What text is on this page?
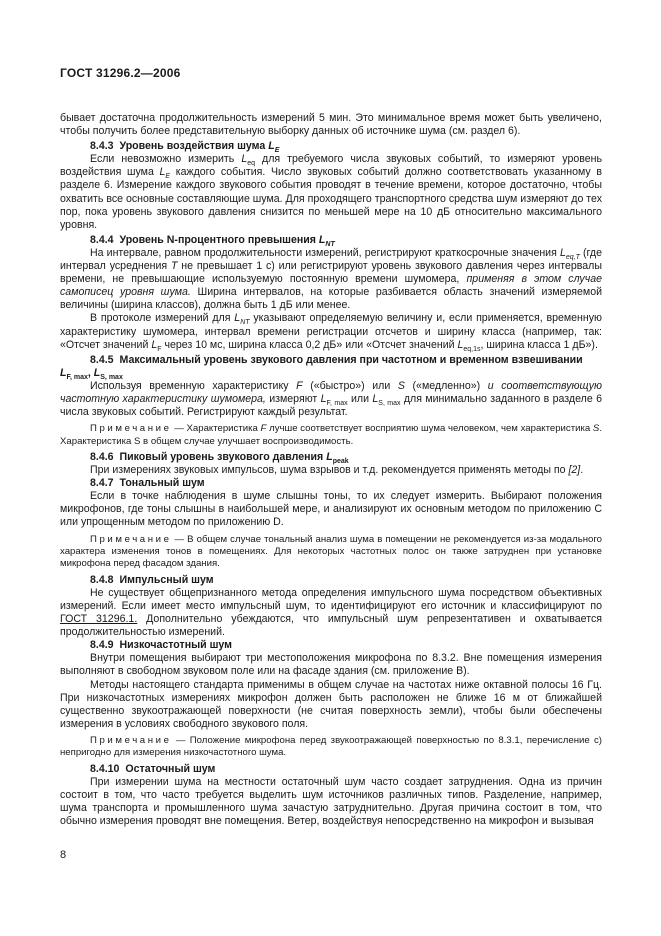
ГОСТ 31296.2—2006

бывает достаточна продолжительность измерений 5 мин. Это минимальное время может быть увеличено, чтобы получить более представительную выборку данных об источнике шума (см. раздел 6).

8.4.3 Уровень воздействия шума $L_E$

Если невозможно измерить $L_{eq}$ для требуемого числа звуковых событий, то измеряют уровень воздействия шума $L_E$ каждого события. Число звуковых событий должно соответствовать указанному в разделе 6. Измерение каждого звукового события проводят в течение времени, которое достаточно, чтобы охватить все основные составляющие шума. Для проходящего транспортного средства шум измеряют до тех пор, пока уровень звукового давления снизится по меньшей мере на 10 дБ относительно максимального уровня.

8.4.4 Уровень N-процентного превышения $L_{NT}$

На интервале, равном продолжительности измерений, регистрируют краткосрочные значения $L_{eq,T}$ (где интервал усреднения T не превышает 1 с) или регистрируют уровень звукового давления через интервалы времени, не превышающие используемую постоянную времени шумомера, применяя в этом случае самописец уровня шума. Ширина интервалов, на которые разбивается область значений измеряемой величины (ширина классов), должна быть 1 дБ или менее.

В протоколе измерений для $L_{NT}$ указывают определяемую величину и, если применяется, временную характеристику шумомера, интервал времени регистрации отсчетов и ширину класса (например, так: «Отсчет значений $L_F$ через 10 мс, ширина класса 0,2 дБ» или «Отсчет значений $L_{eq,1s}$, ширина класса 1 дБ»).

8.4.5 Максимальный уровень звукового давления при частотном и временном взвешивании
$L_{F, max}$, $L_{S, max}$

Используя временную характеристику F («быстро») или S («медленно») и соответствующую частотную характеристику шумомера, измеряют $L_{F, max}$ или $L_{S, max}$ для минимально заданного в разделе 6 числа звуковых событий. Регистрируют каждый результат.

Примечание — Характеристика F лучше соответствует восприятию шума человеком, чем характеристика S. Характеристика S в общем случае улучшает воспроизводимость.

8.4.6 Пиковый уровень звукового давления $L_{peak}$

При измерениях звуковых импульсов, шума взрывов и т.д. рекомендуется применять методы по [2].

8.4.7 Тональный шум

Если в точке наблюдения в шуме слышны тоны, то их следует измерить. Выбирают положения микрофонов, где тоны слышны в наибольшей мере, и анализируют их основным методом по приложению С или упрощенным методом по приложению D.

Примечание — В общем случае тональный анализ шума в помещении не рекомендуется из-за модального характера изменения тонов в помещениях. Для некоторых частотных полос он также затруднен при установке микрофона перед фасадом здания.

8.4.8 Импульсный шум

Не существует общепризнанного метода определения импульсного шума посредством объективных измерений. Если имеет место импульсный шум, то идентифицируют его источник и классифицируют по ГОСТ 31296.1. Дополнительно убеждаются, что импульсный шум репрезентативен и охватывается продолжительностью измерений.

8.4.9 Низкочастотный шум

Внутри помещения выбирают три местоположения микрофона по 8.3.2. Вне помещения измерения выполняют в свободном звуковом поле или на фасаде здания (см. приложение В).

Методы настоящего стандарта применимы в общем случае на частотах ниже октавной полосы 16 Гц. При низкочастотных измерениях микрофон должен быть расположен не ближе 16 м от ближайшей существенно звукоотражающей поверхности (не считая поверхность земли), чтобы были обеспечены измерения в условиях свободного звукового поля.

Примечание — Положение микрофона перед звукоотражающей поверхностью по 8.3.1, перечисление с) непригодно для измерения низкочастотного шума.

8.4.10 Остаточный шум

При измерении шума на местности остаточный шум часто создает затруднения. Одна из причин состоит в том, что часто требуется выделить шум источников различных типов. Разделение, например, шума транспорта и промышленного шума зачастую затруднительно. Другая причина состоит в том, что обычно измерения проводят вне помещения. Ветер, воздействуя непосредственно на микрофон и вызывая

8
